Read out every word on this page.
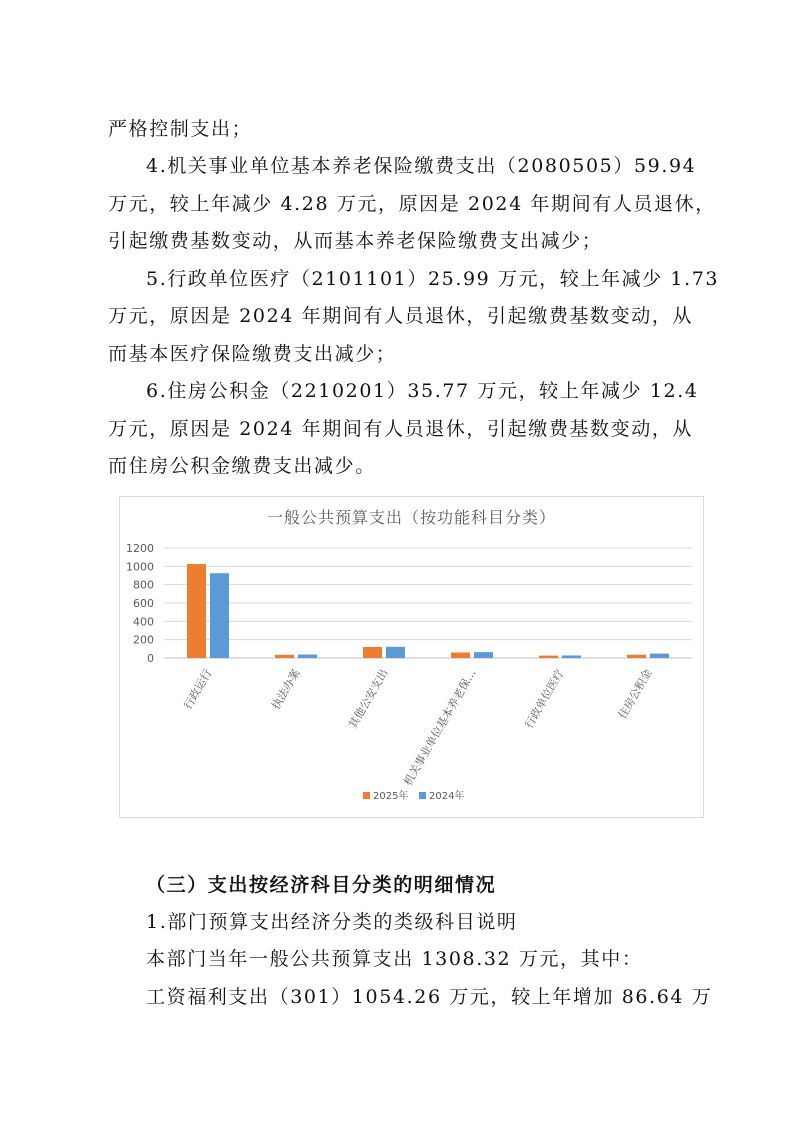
严格控制支出；
4.机关事业单位基本养老保险缴费支出（2080505）59.94
万元，较上年减少 4.28 万元，原因是 2024 年期间有人员退休，
引起缴费基数变动，从而基本养老保险缴费支出减少；
5.行政单位医疗（2101101）25.99 万元，较上年减少 1.73
万元，原因是 2024 年期间有人员退休，引起缴费基数变动，从
而基本医疗保险缴费支出减少；
6.住房公积金（2210201）35.77 万元，较上年减少 12.4
万元，原因是 2024 年期间有人员退休，引起缴费基数变动，从
而住房公积金缴费支出减少。
一般公共预算支出（按功能科目分类）
0
200
400
600
800
1000
1200
行政运行	执法办案	其他公安支出 机关事业单位基本养老保…	行政单位医疗	住房公积金
2025年 2024年
（三）支出按经济科目分类的明细情况
1.部门预算支出经济分类的类级科目说明
本部门当年一般公共预算支出 1308.32 万元，其中：
工资福利支出（301）1054.26 万元，较上年增加 86.64 万
